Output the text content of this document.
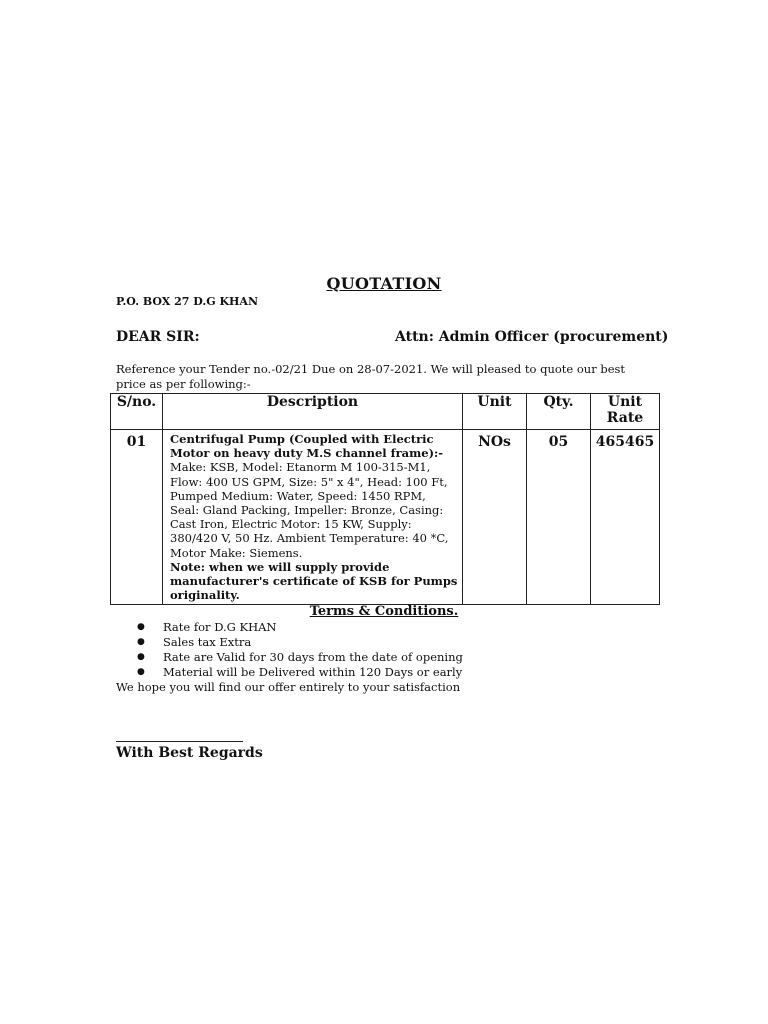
QUOTATION
P.O. BOX 27 D.G KHAN
DEAR SIR:	Attn: Admin Officer (procurement)
Reference your Tender no.-02/21 Due on 28-07-2021. We will pleased to quote our best price as per following:-
S/no.	Description	Unit	Qty.	Unit
Rate

01	Centrifugal Pump (Coupled with Electric Motor on heavy duty M.S channel frame):-
Make: KSB, Model: Etanorm M 100-315-M1, Flow: 400 US GPM, Size: 5" x 4", Head: 100 Ft, Pumped Medium: Water, Speed: 1450 RPM, Seal: Gland Packing, Impeller: Bronze, Casing: Cast Iron, Electric Motor: 15 KW, Supply: 380/420 V, 50 Hz. Ambient Temperature: 40 *C, Motor Make: Siemens.
Note: when we will supply provide manufacturer's certificate of KSB for Pumps originality.	NOs	05	465465
Terms & Conditions.
● Rate for D.G KHAN
● Sales tax Extra
● Rate are Valid for 30 days from the date of opening
● Material will be Delivered within 120 Days or early
We hope you will find our offer entirely to your satisfaction
With Best Regards
